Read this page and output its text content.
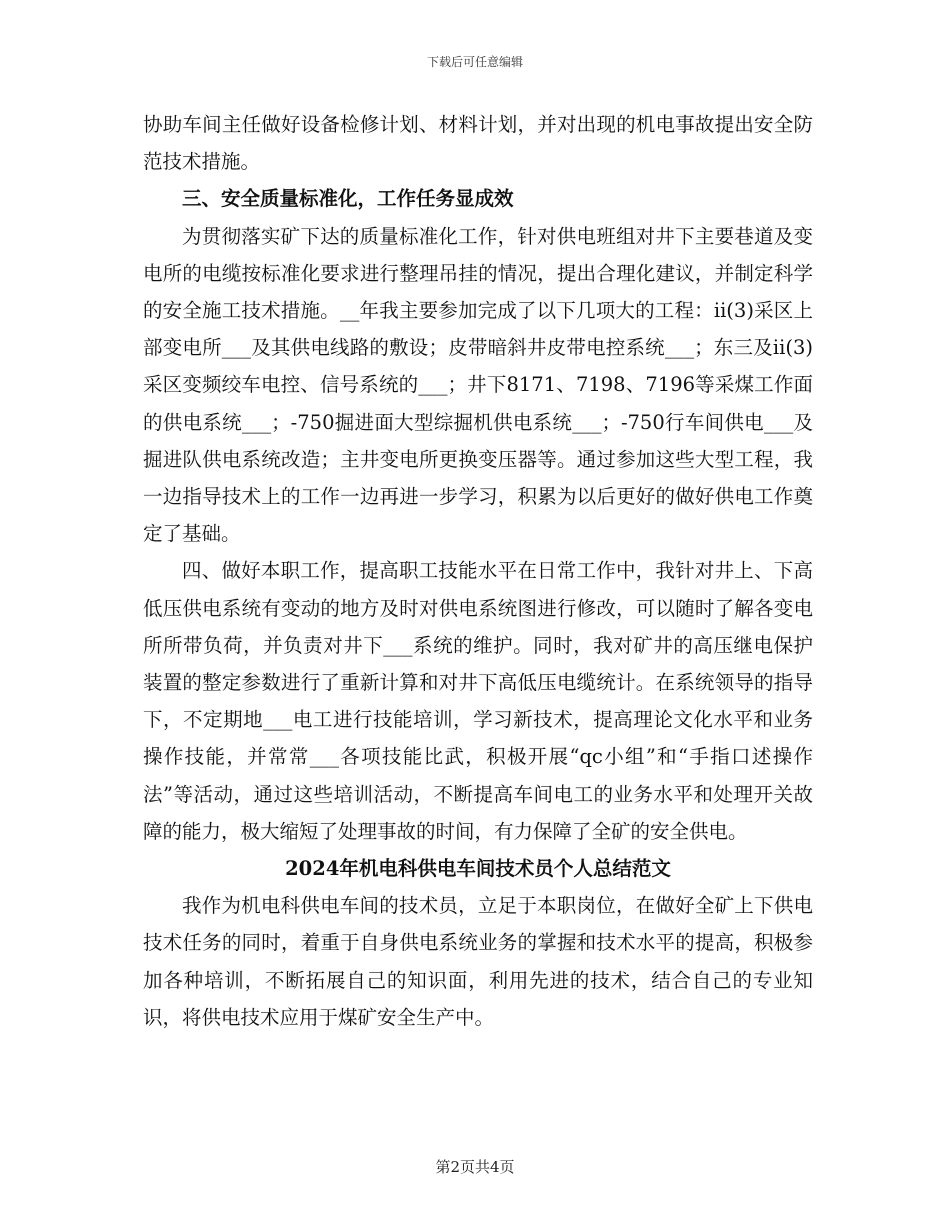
下载后可任意编辑

协助车间主任做好设备检修计划、材料计划，并对出现的机电事故提出安全防范技术措施。

三、安全质量标准化，工作任务显成效

为贯彻落实矿下达的质量标准化工作，针对供电班组对井下主要巷道及变电所的电缆按标准化要求进行整理吊挂的情况，提出合理化建议，并制定科学的安全施工技术措施。__年我主要参加完成了以下几项大的工程：ii(3)采区上部变电所___及其供电线路的敷设；皮带暗斜井皮带电控系统___；东三及ii(3)采区变频绞车电控、信号系统的___；井下8171、7198、7196等采煤工作面的供电系统___；-750掘进面大型综掘机供电系统___；-750行车间供电___及掘进队供电系统改造；主井变电所更换变压器等。通过参加这些大型工程，我一边指导技术上的工作一边再进一步学习，积累为以后更好的做好供电工作奠定了基础。

四、做好本职工作，提高职工技能水平在日常工作中，我针对井上、下高低压供电系统有变动的地方及时对供电系统图进行修改，可以随时了解各变电所所带负荷，并负责对井下___系统的维护。同时，我对矿井的高压继电保护装置的整定参数进行了重新计算和对井下高低压电缆统计。在系统领导的指导下，不定期地___电工进行技能培训，学习新技术，提高理论文化水平和业务操作技能，并常常___各项技能比武，积极开展“qc小组”和“手指口述操作法”等活动，通过这些培训活动，不断提高车间电工的业务水平和处理开关故障的能力，极大缩短了处理事故的时间，有力保障了全矿的安全供电。

2024年机电科供电车间技术员个人总结范文

我作为机电科供电车间的技术员，立足于本职岗位，在做好全矿上下供电技术任务的同时，着重于自身供电系统业务的掌握和技术水平的提高，积极参加各种培训，不断拓展自己的知识面，利用先进的技术，结合自己的专业知识，将供电技术应用于煤矿安全生产中。

第2页共4页
